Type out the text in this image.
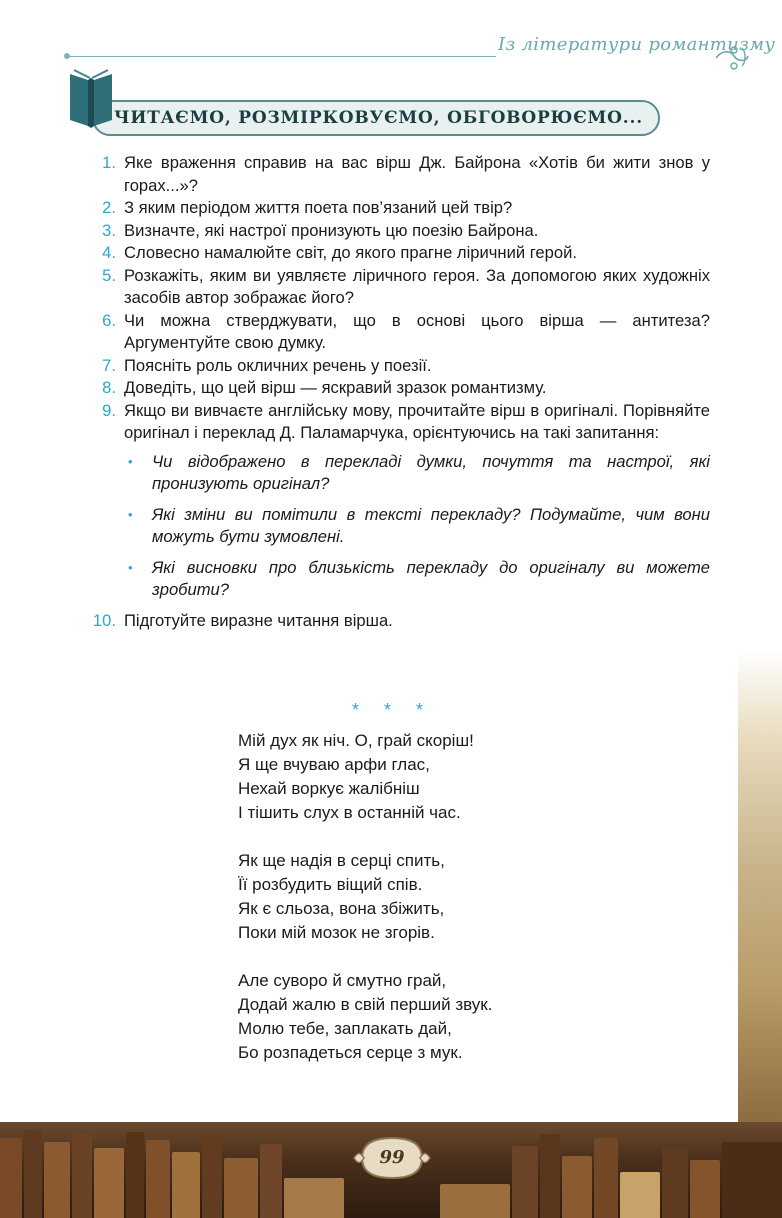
Із літератури романтизму
ЧИТАЄМО, РОЗМІРКОВУЄМО, ОБГОВОРЮЄМО...
1. Яке враження справив на вас вірш Дж. Байрона «Хотів би жити знов у горах...»?
2. З яким періодом життя поета пов’язаний цей твір?
3. Визначте, які настрої пронизують цю поезію Байрона.
4. Словесно намалюйте світ, до якого прагне ліричний герой.
5. Розкажіть, яким ви уявляєте ліричного героя. За допомогою яких художніх засобів автор зображає його?
6. Чи можна стверджувати, що в основі цього вірша — антитеза? Аргументуйте свою думку.
7. Поясніть роль окличних речень у поезії.
8. Доведіть, що цей вірш — яскравий зразок романтизму.
9. Якщо ви вивчаєте англійську мову, прочитайте вірш в оригіналі. Порівняйте оригінал і переклад Д. Паламарчука, орієнтуючись на такі запитання:
•	Чи відображено в перекладі думки, почуття та настрої, які пронизують оригінал?
•	Які зміни ви помітили в тексті перекладу? Подумайте, чим вони можуть бути зумовлені.
•	Які висновки про близькість перекладу до оригіналу ви можете зробити?
10. Підготуйте виразне читання вірша.
* * *
Мій дух як ніч. О, грай скоріш!
Я ще вчуваю арфи глас,
Нехай воркує жалібніш
І тішить слух в останній час.
Як ще надія в серці спить,
Її розбудить віщий спів.
Як є сльоза, вона збіжить,
Поки мій мозок не згорів.
Але суворо й смутно грай,
Додай жалю в свій перший звук.
Молю тебе, заплакать дай,
Бо розпадеться серце з мук.
99
